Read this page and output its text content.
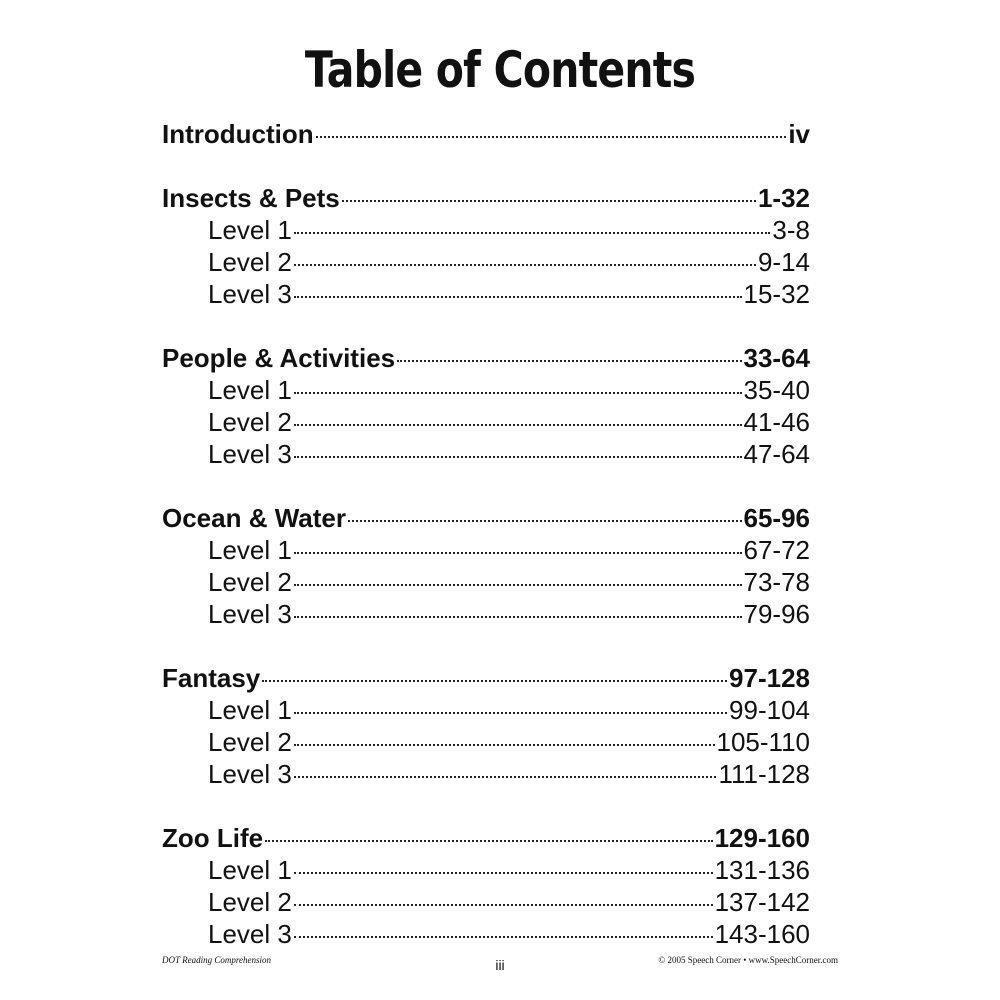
Table of Contents
Introduction	iv
Insects & Pets	1-32
Level 1	3-8
Level 2	9-14
Level 3	15-32
People & Activities	33-64
Level 1	35-40
Level 2	41-46
Level 3	47-64
Ocean & Water	65-96
Level 1	67-72
Level 2	73-78
Level 3	79-96
Fantasy	97-128
Level 1	99-104
Level 2	105-110
Level 3	111-128
Zoo Life	129-160
Level 1	131-136
Level 2	137-142
Level 3	143-160
DOT Reading Comprehension	iii	© 2005 Speech Corner • www.SpeechCorner.com
